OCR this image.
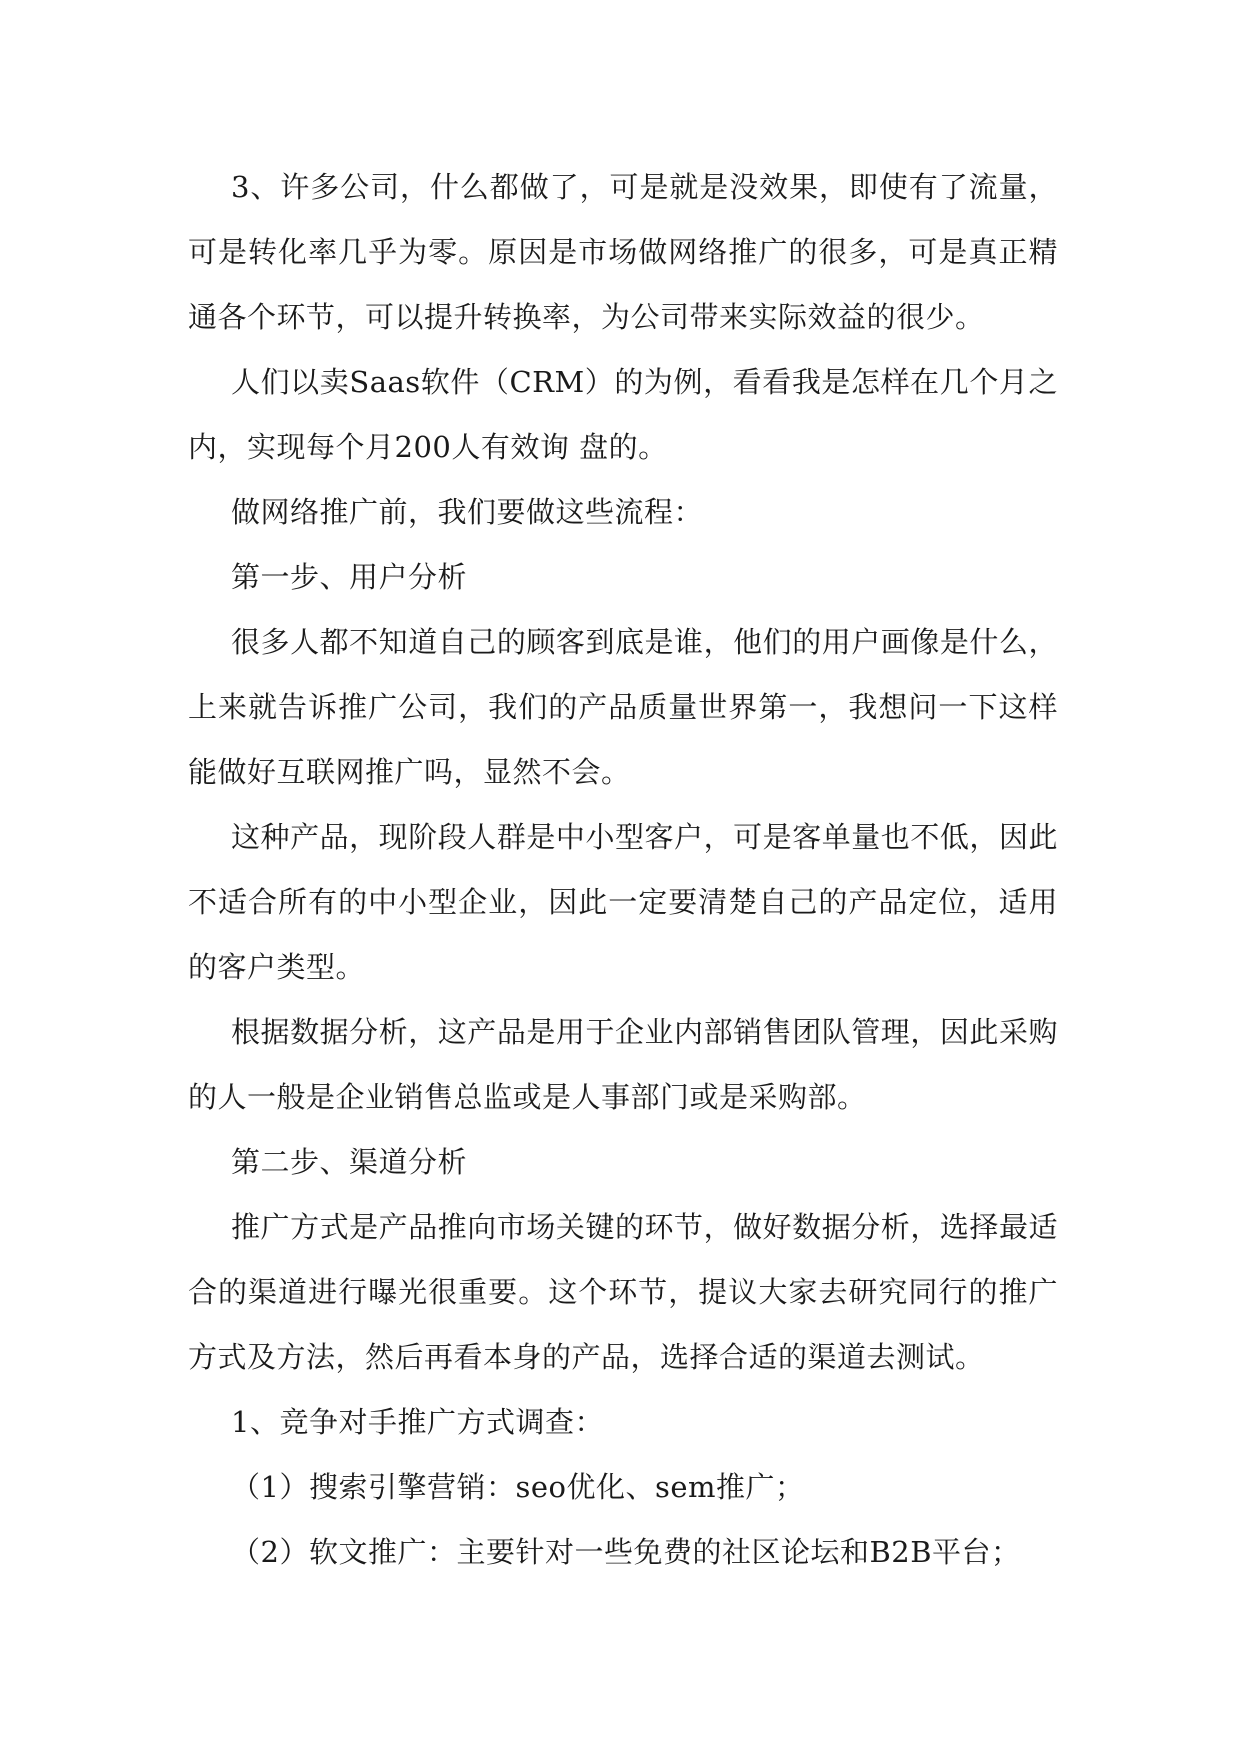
3、许多公司，什么都做了，可是就是没效果，即使有了流量，可是转化率几乎为零。原因是市场做网络推广的很多，可是真正精通各个环节，可以提升转换率，为公司带来实际效益的很少。

人们以卖Saas软件（CRM）的为例，看看我是怎样在几个月之内，实现每个月200人有效询 盘的。

做网络推广前，我们要做这些流程：

第一步、用户分析

很多人都不知道自己的顾客到底是谁，他们的用户画像是什么，上来就告诉推广公司，我们的产品质量世界第一，我想问一下这样能做好互联网推广吗，显然不会。

这种产品，现阶段人群是中小型客户，可是客单量也不低，因此不适合所有的中小型企业，因此一定要清楚自己的产品定位，适用的客户类型。

根据数据分析，这产品是用于企业内部销售团队管理，因此采购的人一般是企业销售总监或是人事部门或是采购部。

第二步、渠道分析

推广方式是产品推向市场关键的环节，做好数据分析，选择最适合的渠道进行曝光很重要。这个环节，提议大家去研究同行的推广方式及方法，然后再看本身的产品，选择合适的渠道去测试。

1、竞争对手推广方式调查：

（1）搜索引擎营销：seo优化、sem推广；

（2）软文推广：主要针对一些免费的社区论坛和B2B平台；
